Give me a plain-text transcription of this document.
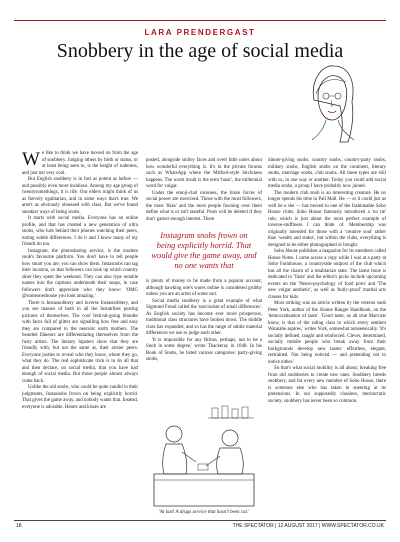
LARA PRENDERGAST
Snobbery in the age of social media
W e like to think we have moved on from the age of snobbery. Judging others by birth or status, or at least being seen to, is the height of rudeness, and just not very cool.

But English snobbery is in fact as potent as before — and possibly even more insidious. Among my age group of twentysomethings, it is rife. Our elders might think of us as fiercely egalitarian, and in some ways that's true. We aren't as obviously obsessed with class. But we've found sneakier ways of being snobs.

It starts with social media. Everyone has an online profile, and that has created a new generation of ultra snobs, who lurk behind their phones watching their peers, noting subtle differences. I do it and I know many of my friends do too.

Instagram, the photosharing service, is the modern snob's favourite platform. You don't have to tell people how smart you are; you can show them. Instasnobs can tag their location, so that followers can look up which country skier they spent the weekend. They can also type notable names into the captions underneath their snaps, in case followers don't appreciate who they know: 'OMG @someoneshouse you look amazing.'

There is Instasnobbery and inverse Instasnobbery, and you see masses of both in all the Instatribes posting pictures of themselves. The cool festival-going blondes with faces full of glitter are signalling how free and easy they are compared to the neurotic earth mothers. The bearded flâneurs are differentiating themselves from the fusty artists. The literary hipsters show that they are friendly with, but not the same as, their artsier peers. Everyone jostles to reveal who they know, where they go, what they do. The real sophisticate trick is to do all that and then declare, on social media, that you have had enough of social media. But those people almost always come back.

Unlike the old snobs, who could be quite candid in their judgments, Instasnobs frown on being explicitly horrid. That gives the game away, and nobody wants that. Instead, everyone is adorable. Hearts and kisses are

posted, alongside smiley faces and overt little notes about how wonderful everything is. It's in the private forums such as WhatsApp where the Mitford-style bitchiness happens. The worst insult is the term 'basic', the millennial word for vulgar.

Under the emoji-clad niceness, the brute forces of social power are exercised. Those with the most followers, the most 'likes' and the most people fawning over them define what is or isn't tasteful. Posts will be deleted if they don't garner enough interest. There

Instagram snobs frown on being explicitly horrid. That would give the game away, and no one wants that

is plenty of money to be made from a popular account, although hawking one's wares online is considered grubby unless you are an artist of some sort.

Social media snobbery is a great example of what Sigmund Freud called the 'narcissism of small differences'. As English society has become ever more prosperous, traditional class structures have broken down. The middle class has expanded, and so has the range of subtle material differences we use to judge each other.

'It is impossible for any Briton, perhaps, not to be a Snob in some degree,' wrote Thackeray in 1848. In his Book of Snobs, he listed various categories: party-giving snobs,

'At last! A drugs service that hasn't been cut.'

dinner-giving snobs, country snobs, country-party snobs, military snobs, English snobs on the continent, literary snobs, marriage snobs, club snobs. All these types are still with us, in one way or another. Today you could add social media snobs, a group I have probably now joined.

The modern club snob is an interesting creature. He no longer spends his time in Pall Mall. He — or it could just as well be a she — has moved to one of the fashionable Soho House clubs. Soho House famously introduced a 'no tie' rule, which is just about the most perfect example of inverse-stuffiness I can think of. Membership was originally intended for those with a 'creative soul' rather than 'wealth and status', but within the clubs, everything is designed to be either photographed or bought.

Soho House publishes a magazine for its members called House Notes. I came across a copy while I was at a party at Soho Farmhouse, a countryside outpost of the club which has all the charm of a totalitarian state. The latest issue is dedicated to 'Taste' and the editor's picks include upcoming events on the 'Neuro-psychology of food porn' and 'The new vulgar aesthetic', as well as 'bully-proof' martial arts classes for kids.

Most striking was an article written by the veteran snob Peter York, author of the Sloane Ranger Handbook, on the 'democratisation of taste'. 'Good taste, as all true Marxists know, is that of the ruling class to which every sentient Wannabe aspires,' writes York, somewhat nonsensically. 'It's socially defined, taught and reinforced. Clever, determined, socially mobile people who break away from their backgrounds develop new tastes: effortless, elegant, restrained. Not being noticed — and pretending not to notice either.'

So that's what social mobility is all about; breaking free from old snobberies to create new ones. Snobbery breeds snobbery, and for every new member of Soho House, there is someone else who has taken to sneering at its pretensions. In our supposedly classless, meritocratic society, snobbery has never been so common.

18	THE SPECTATOR | 12 AUGUST 2017 | WWW.SPECTATOR.CO.UK
